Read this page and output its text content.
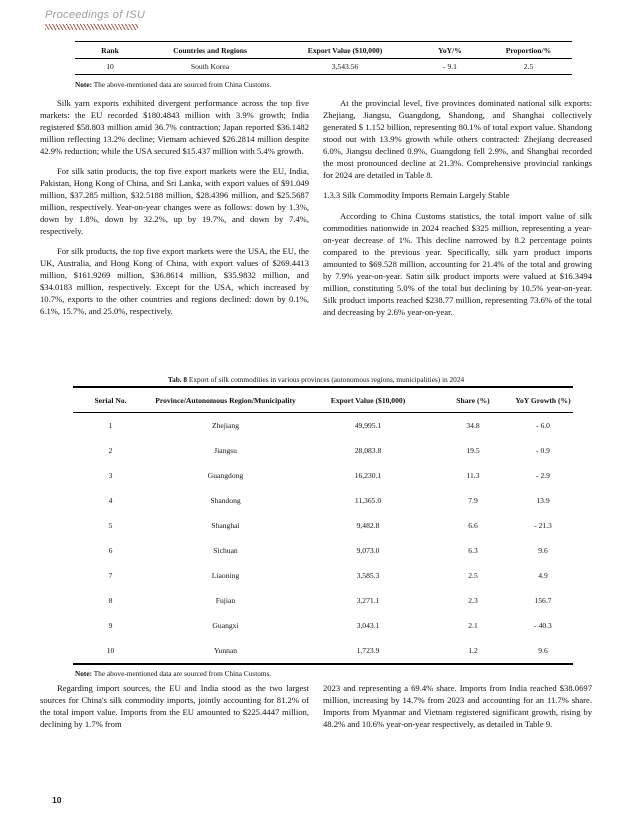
Proceedings of ISU
Rank	Countries and Regions	Export Value ($10,000)	YoY/%	Proportion/%
10	South Korea	3,543.56	- 9.1	2.5
Note: The above-mentioned data are sourced from China Customs.

Silk yarn exports exhibited divergent performance across the top five markets: the EU recorded $180.4843 million with 3.9% growth; India registered $58.803 million amid 36.7% contraction; Japan reported $36.1482 million reflecting 13.2% decline; Vietnam achieved $26.2814 million despite 42.9% reduction; while the USA secured $15.437 million with 5.4% growth.

For silk satin products, the top five export markets were the EU, India, Pakistan, Hong Kong of China, and Sri Lanka, with export values of $91.049 million, $37.285 million, $32.5188 million, $28.4396 million, and $25.5687 million, respectively. Year-on-year changes were as follows: down by 1.3%, down by 1.8%, down by 32.2%, up by 19.7%, and down by 7.4%, respectively.

For silk products, the top five export markets were the USA, the EU, the UK, Australia, and Hong Kong of China, with export values of $269.4413 million, $161.9269 million, $36.8614 million, $35.9832 million, and $34.0183 million, respectively. Except for the USA, which increased by 10.7%, exports to the other countries and regions declined: down by 0.1%, 6.1%, 15.7%, and 25.0%, respectively.

At the provincial level, five provinces dominated national silk exports: Zhejiang, Jiangsu, Guangdong, Shandong, and Shanghai collectively generated $ 1.152 billion, representing 80.1% of total export value. Shandong stood out with 13.9% growth while others contracted: Zhejiang decreased 6.0%, Jiangsu declined 0.9%, Guangdong fell 2.9%, and Shanghai recorded the most pronounced decline at 21.3%. Comprehensive provincial rankings for 2024 are detailed in Table 8.

1.3.3 Silk Commodity Imports Remain Largely Stable

According to China Customs statistics, the total import value of silk commodities nationwide in 2024 reached $325 million, representing a year-on-year decrease of 1%. This decline narrowed by 8.2 percentage points compared to the previous year. Specifically, silk yarn product imports amounted to $69.528 million, accounting for 21.4% of the total and growing by 7.9% year-on-year. Satin silk product imports were valued at $16.3494 million, constituting 5.0% of the total but declining by 10.5% year-on-year. Silk product imports reached $238.77 million, representing 73.6% of the total and decreasing by 2.6% year-on-year.

Tab. 8 Export of silk commodities in various provinces (autonomous regions, municipalities) in 2024
Serial No.	Province/Autonomous Region/Municipality	Export Value ($10,000)	Share (%)	YoY Growth (%)
1	Zhejiang	49,995.1	34.8	- 6.0
2	Jiangsu	28,083.8	19.5	- 0.9
3	Guangdong	16,230.1	11.3	- 2.9
4	Shandong	11,365.0	7.9	13.9
5	Shanghai	9,482.8	6.6	- 21.3
6	Sichuan	9,073.0	6.3	9.6
7	Liaoning	3,585.3	2.5	4.9
8	Fujian	3,271.1	2.3	156.7
9	Guangxi	3,043.1	2.1	- 40.3
10	Yunnan	1,723.9	1.2	9.6
Note: The above-mentioned data are sourced from China Customs.

Regarding import sources, the EU and India stood as the two largest sources for China's silk commodity imports, jointly accounting for 81.2% of the total import value. Imports from the EU amounted to $225.4447 million, declining by 1.7% from

2023 and representing a 69.4% share. Imports from India reached $38.0697 million, increasing by 14.7% from 2023 and accounting for an 11.7% share. Imports from Myanmar and Vietnam registered significant growth, rising by 48.2% and 10.6% year-on-year respectively, as detailed in Table 9.

10
